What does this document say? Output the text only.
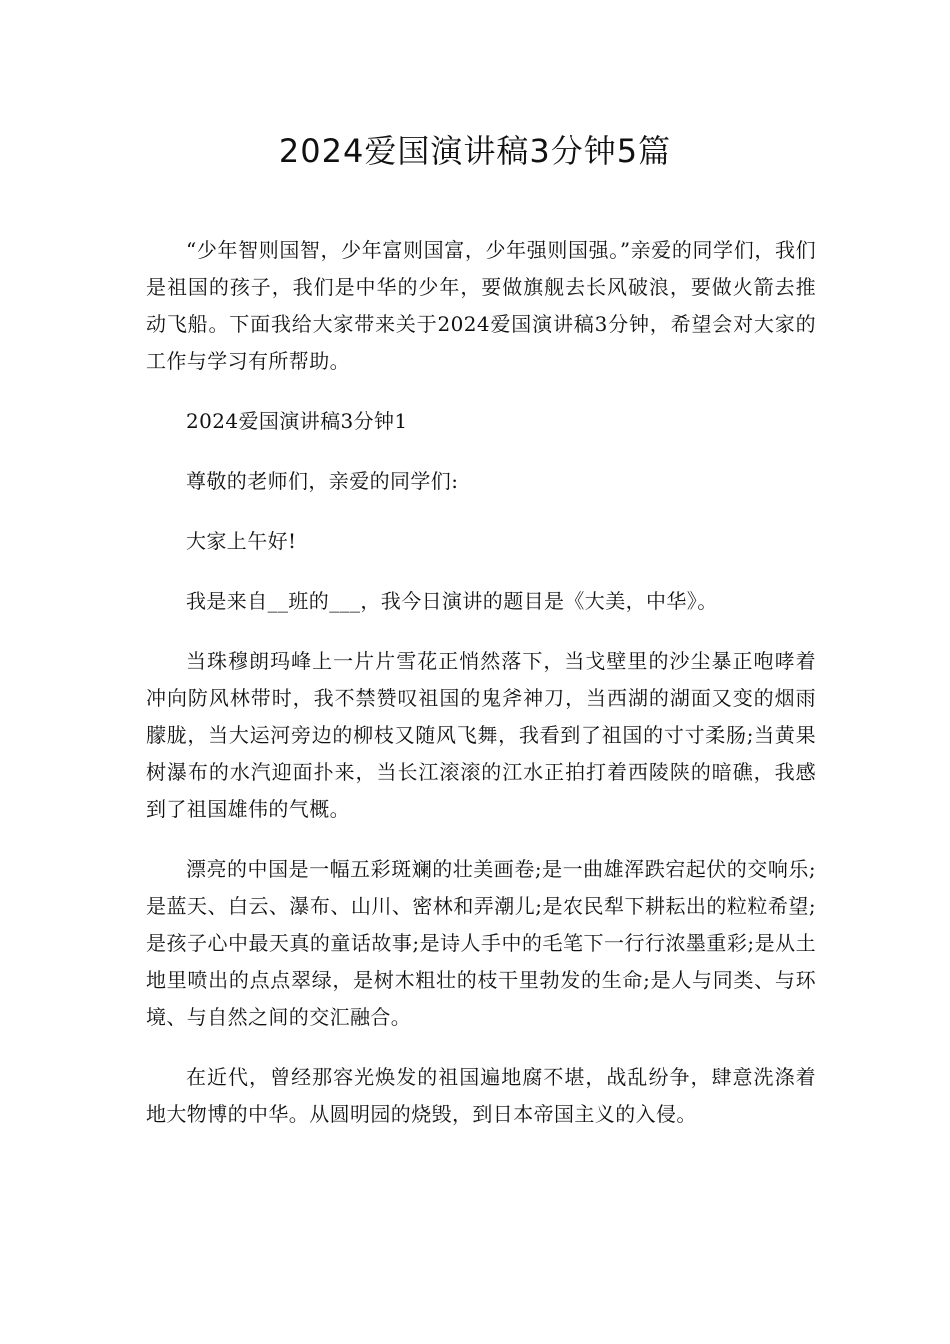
2024爱国演讲稿3分钟5篇

“少年智则国智，少年富则国富，少年强则国强。”亲爱的同学们，我们是祖国的孩子，我们是中华的少年，要做旗舰去长风破浪，要做火箭去推动飞船。下面我给大家带来关于2024爱国演讲稿3分钟，希望会对大家的工作与学习有所帮助。

2024爱国演讲稿3分钟1

尊敬的老师们，亲爱的同学们:

大家上午好!

我是来自__班的___，我今日演讲的题目是《大美，中华》。

当珠穆朗玛峰上一片片雪花正悄然落下，当戈壁里的沙尘暴正咆哮着冲向防风林带时，我不禁赞叹祖国的鬼斧神刀，当西湖的湖面又变的烟雨朦胧，当大运河旁边的柳枝又随风飞舞，我看到了祖国的寸寸柔肠;当黄果树瀑布的水汽迎面扑来，当长江滚滚的江水正拍打着西陵陕的暗礁，我感到了祖国雄伟的气概。

漂亮的中国是一幅五彩斑斓的壮美画卷;是一曲雄浑跌宕起伏的交响乐;是蓝天、白云、瀑布、山川、密林和弄潮儿;是农民犁下耕耘出的粒粒希望;是孩子心中最天真的童话故事;是诗人手中的毛笔下一行行浓墨重彩;是从土地里喷出的点点翠绿，是树木粗壮的枝干里勃发的生命;是人与同类、与环境、与自然之间的交汇融合。

在近代，曾经那容光焕发的祖国遍地腐不堪，战乱纷争，肆意洗涤着地大物博的中华。从圆明园的烧毁，到日本帝国主义的入侵。
